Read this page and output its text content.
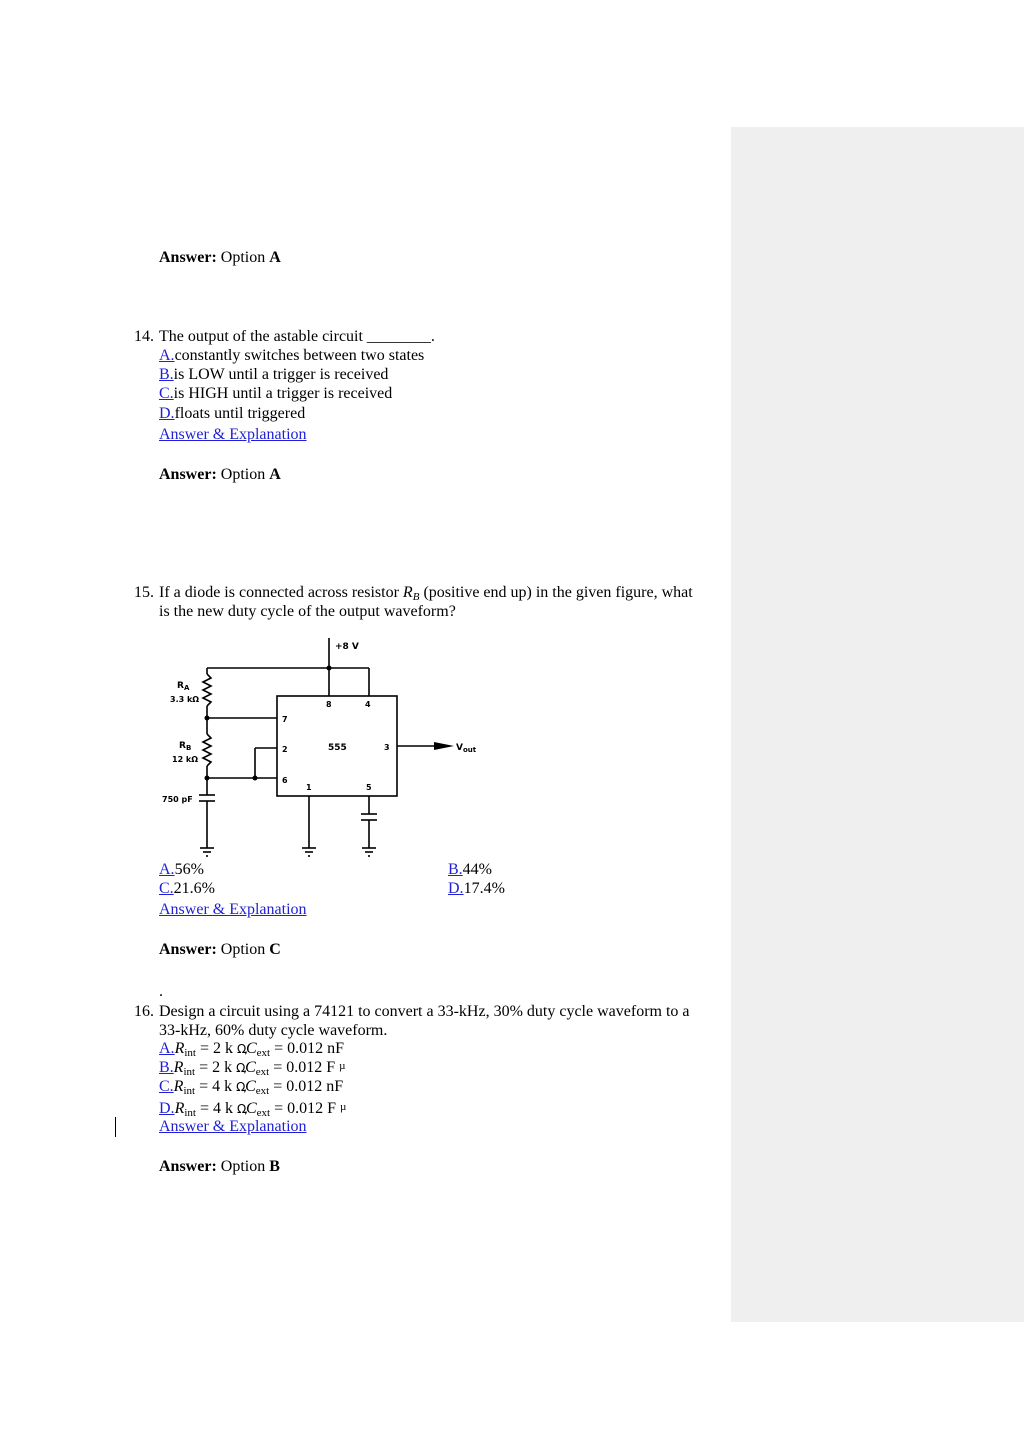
Answer: Option A
14. The output of the astable circuit ________.
A.constantly switches between two states
B.is LOW until a trigger is received
C.is HIGH until a trigger is received
D.floats until triggered
Answer & Explanation
Answer: Option A
15. If a diode is connected across resistor $R_B$ (positive end up) in the given figure, what
is the new duty cycle of the output waveform?
+8 V
$R_A$
3.3 kΩ
$R_B$
12 kΩ
750 pF
555
8	4
7
2	3
6
1	5
$V_{out}$
A.56%	B.44%
C.21.6%	D.17.4%
Answer & Explanation
Answer: Option C
.
16. Design a circuit using a 74121 to convert a 33-kHz, 30% duty cycle waveform to a
33-kHz, 60% duty cycle waveform.
$A.R_{int} = 2$ k $\Omega,C_{ext} = 0.012$ nF
$B.R_{int} = 2$ k $\Omega,C_{ext} = 0.012$ F µ
$C.R_{int} = 4$ k $\Omega,C_{ext} = 0.012$ nF
$D.R_{int} = 4$ k $\Omega,C_{ext} = 0.012$ F µ
Answer & Explanation
Answer: Option B
